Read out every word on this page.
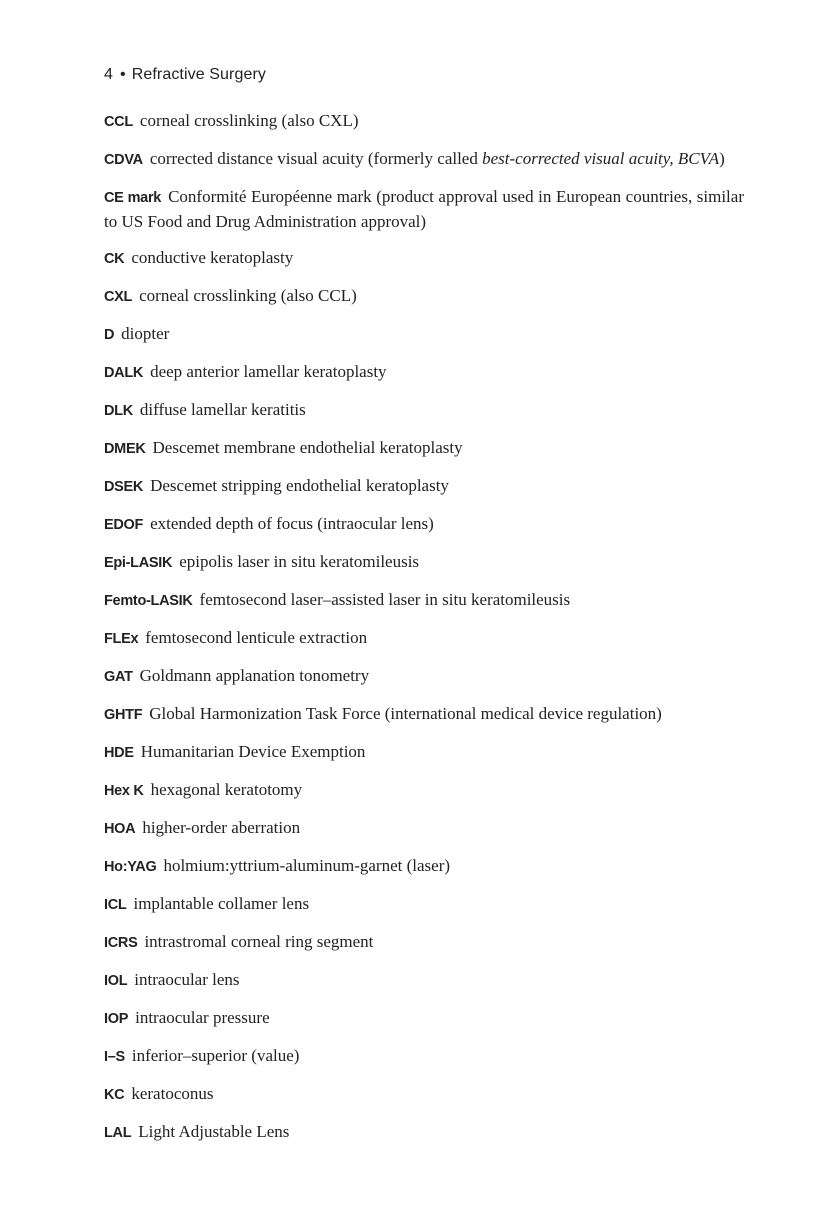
4 • Refractive Surgery
CCL corneal crosslinking (also CXL)
CDVA corrected distance visual acuity (formerly called best-corrected visual acuity, BCVA)
CE mark Conformité Européenne mark (product approval used in European countries, similar to US Food and Drug Administration approval)
CK conductive keratoplasty
CXL corneal crosslinking (also CCL)
D diopter
DALK deep anterior lamellar keratoplasty
DLK diffuse lamellar keratitis
DMEK Descemet membrane endothelial keratoplasty
DSEK Descemet stripping endothelial keratoplasty
EDOF extended depth of focus (intraocular lens)
Epi-LASIK epipolis laser in situ keratomileusis
Femto-LASIK femtosecond laser–assisted laser in situ keratomileusis
FLEx femtosecond lenticule extraction
GAT Goldmann applanation tonometry
GHTF Global Harmonization Task Force (international medical device regulation)
HDE Humanitarian Device Exemption
Hex K hexagonal keratotomy
HOA higher-order aberration
Ho:YAG holmium:yttrium-aluminum-garnet (laser)
ICL implantable collamer lens
ICRS intrastromal corneal ring segment
IOL intraocular lens
IOP intraocular pressure
I–S inferior–superior (value)
KC keratoconus
LAL Light Adjustable Lens
